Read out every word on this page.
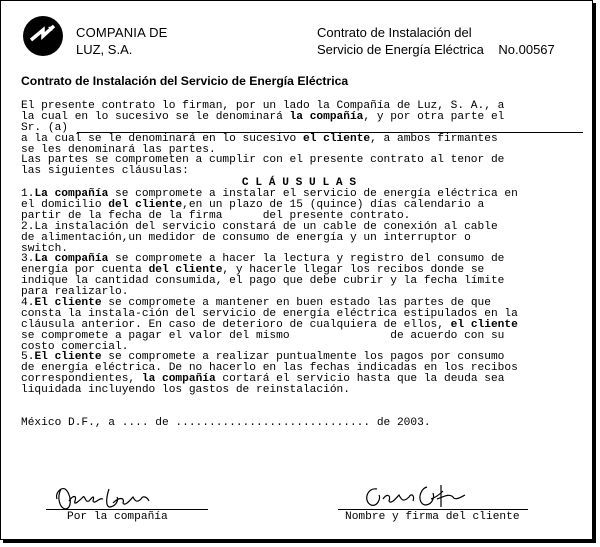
COMPANIA DE
LUZ, S.A.
Contrato de Instalación del
Servicio de Energía Eléctrica No.00567
Contrato de Instalación del Servicio de Energía Eléctrica
El presente contrato lo firman, por un lado la Compañía de Luz, S. A., a
la cual en lo sucesivo se le denominará la compañía, y por otra parte el
Sr. (a)

a la cual se le denominará en lo sucesivo el cliente, a ambos firmantes
se les denominará las partes.
Las partes se comprometen a cumplir con el presente contrato al tenor de
las siguientes cláusulas:
C L Á U S U L A S
1.La compañía se compromete a instalar el servicio de energía eléctrica en
el domicilio del cliente,en un plazo de 15 (quince) días calendario a
partir de la fecha de la firma      del presente contrato.
2.La instalación del servicio constará de un cable de conexión al cable
de alimentación,un medidor de consumo de energía y un interruptor o
switch.
3.La compañía se compromete a hacer la lectura y registro del consumo de
energía por cuenta del cliente, y hacerle llegar los recibos donde se
indique la cantidad consumida, el pago que debe cubrir y la fecha límite
para realizarlo.
4.El cliente se compromete a mantener en buen estado las partes de que
consta la instala-ción del servicio de energía eléctrica estipulados en la
cláusula anterior. En caso de deterioro de cualquiera de ellos, el cliente
se compromete a pagar el valor del mismo               de acuerdo con su
costo comercial.
5.El cliente se compromete a realizar puntualmente los pagos por consumo
de energía eléctrica. De no hacerlo en las fechas indicadas en los recibos
correspondientes, la compañía cortará el servicio hasta que la deuda sea
liquidada incluyendo los gastos de reinstalación.
México D.F., a .... de ............................. de 2003.
Por la compañía	Nombre y firma del cliente
